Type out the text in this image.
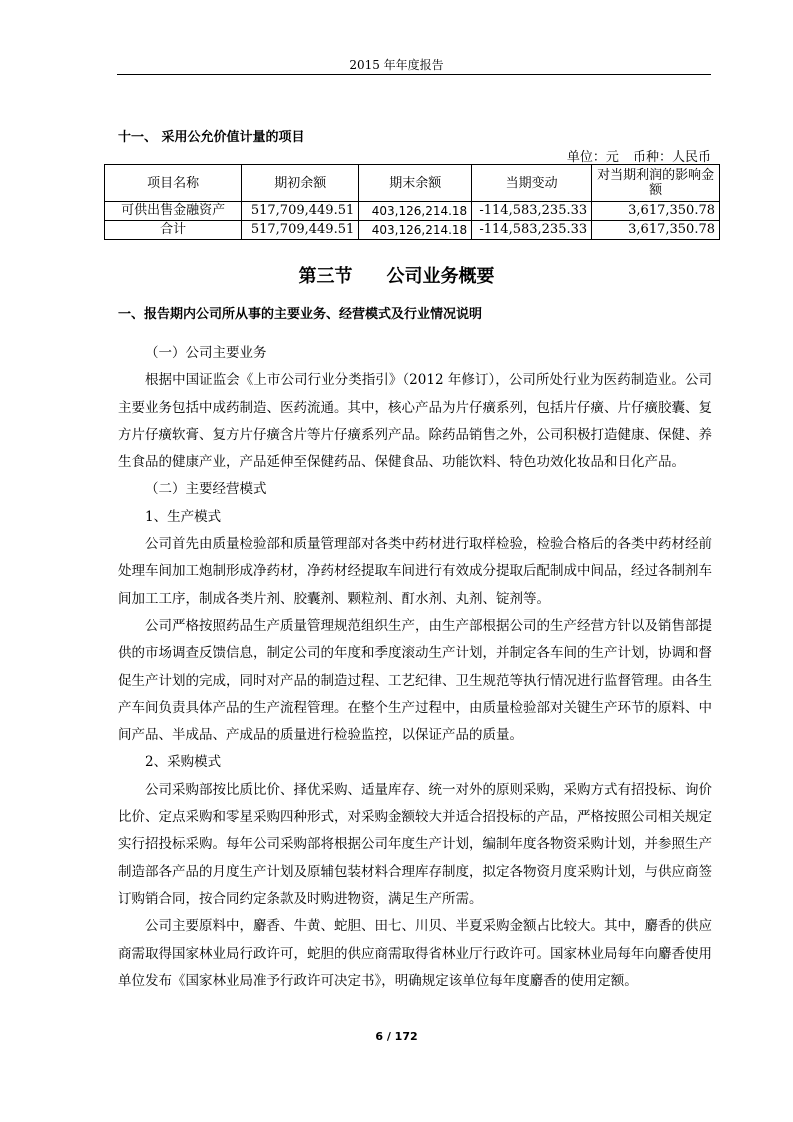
2015 年年度报告
十一、 采用公允价值计量的项目
单位：元 币种：人民币
项目名称	期初余额	期末余额	当期变动	对当期利润的影响金额
可供出售金融资产	517,709,449.51	403,126,214.18	-114,583,235.33	3,617,350.78
合计	517,709,449.51	403,126,214.18	-114,583,235.33	3,617,350.78
第三节 公司业务概要
一、报告期内公司所从事的主要业务、经营模式及行业情况说明

（一）公司主要业务

根据中国证监会《上市公司行业分类指引》（2012 年修订），公司所处行业为医药制造业。公司主要业务包括中成药制造、医药流通。其中，核心产品为片仔癀系列，包括片仔癀、片仔癀胶囊、复方片仔癀软膏、复方片仔癀含片等片仔癀系列产品。除药品销售之外，公司积极打造健康、保健、养生食品的健康产业，产品延伸至保健药品、保健食品、功能饮料、特色功效化妆品和日化产品。

（二）主要经营模式

1、生产模式

公司首先由质量检验部和质量管理部对各类中药材进行取样检验，检验合格后的各类中药材经前处理车间加工炮制形成净药材，净药材经提取车间进行有效成分提取后配制成中间品，经过各制剂车间加工工序，制成各类片剂、胶囊剂、颗粒剂、酊水剂、丸剂、锭剂等。

公司严格按照药品生产质量管理规范组织生产，由生产部根据公司的生产经营方针以及销售部提供的市场调查反馈信息，制定公司的年度和季度滚动生产计划，并制定各车间的生产计划，协调和督促生产计划的完成，同时对产品的制造过程、工艺纪律、卫生规范等执行情况进行监督管理。由各生产车间负责具体产品的生产流程管理。在整个生产过程中，由质量检验部对关键生产环节的原料、中间产品、半成品、产成品的质量进行检验监控，以保证产品的质量。

2、采购模式

公司采购部按比质比价、择优采购、适量库存、统一对外的原则采购，采购方式有招投标、询价比价、定点采购和零星采购四种形式，对采购金额较大并适合招投标的产品，严格按照公司相关规定实行招投标采购。每年公司采购部将根据公司年度生产计划，编制年度各物资采购计划，并参照生产制造部各产品的月度生产计划及原辅包装材料合理库存制度，拟定各物资月度采购计划，与供应商签订购销合同，按合同约定条款及时购进物资，满足生产所需。

公司主要原料中，麝香、牛黄、蛇胆、田七、川贝、半夏采购金额占比较大。其中，麝香的供应商需取得国家林业局行政许可，蛇胆的供应商需取得省林业厅行政许可。国家林业局每年向麝香使用单位发布《国家林业局准予行政许可决定书》，明确规定该单位每年度麝香的使用定额。

6 / 172
